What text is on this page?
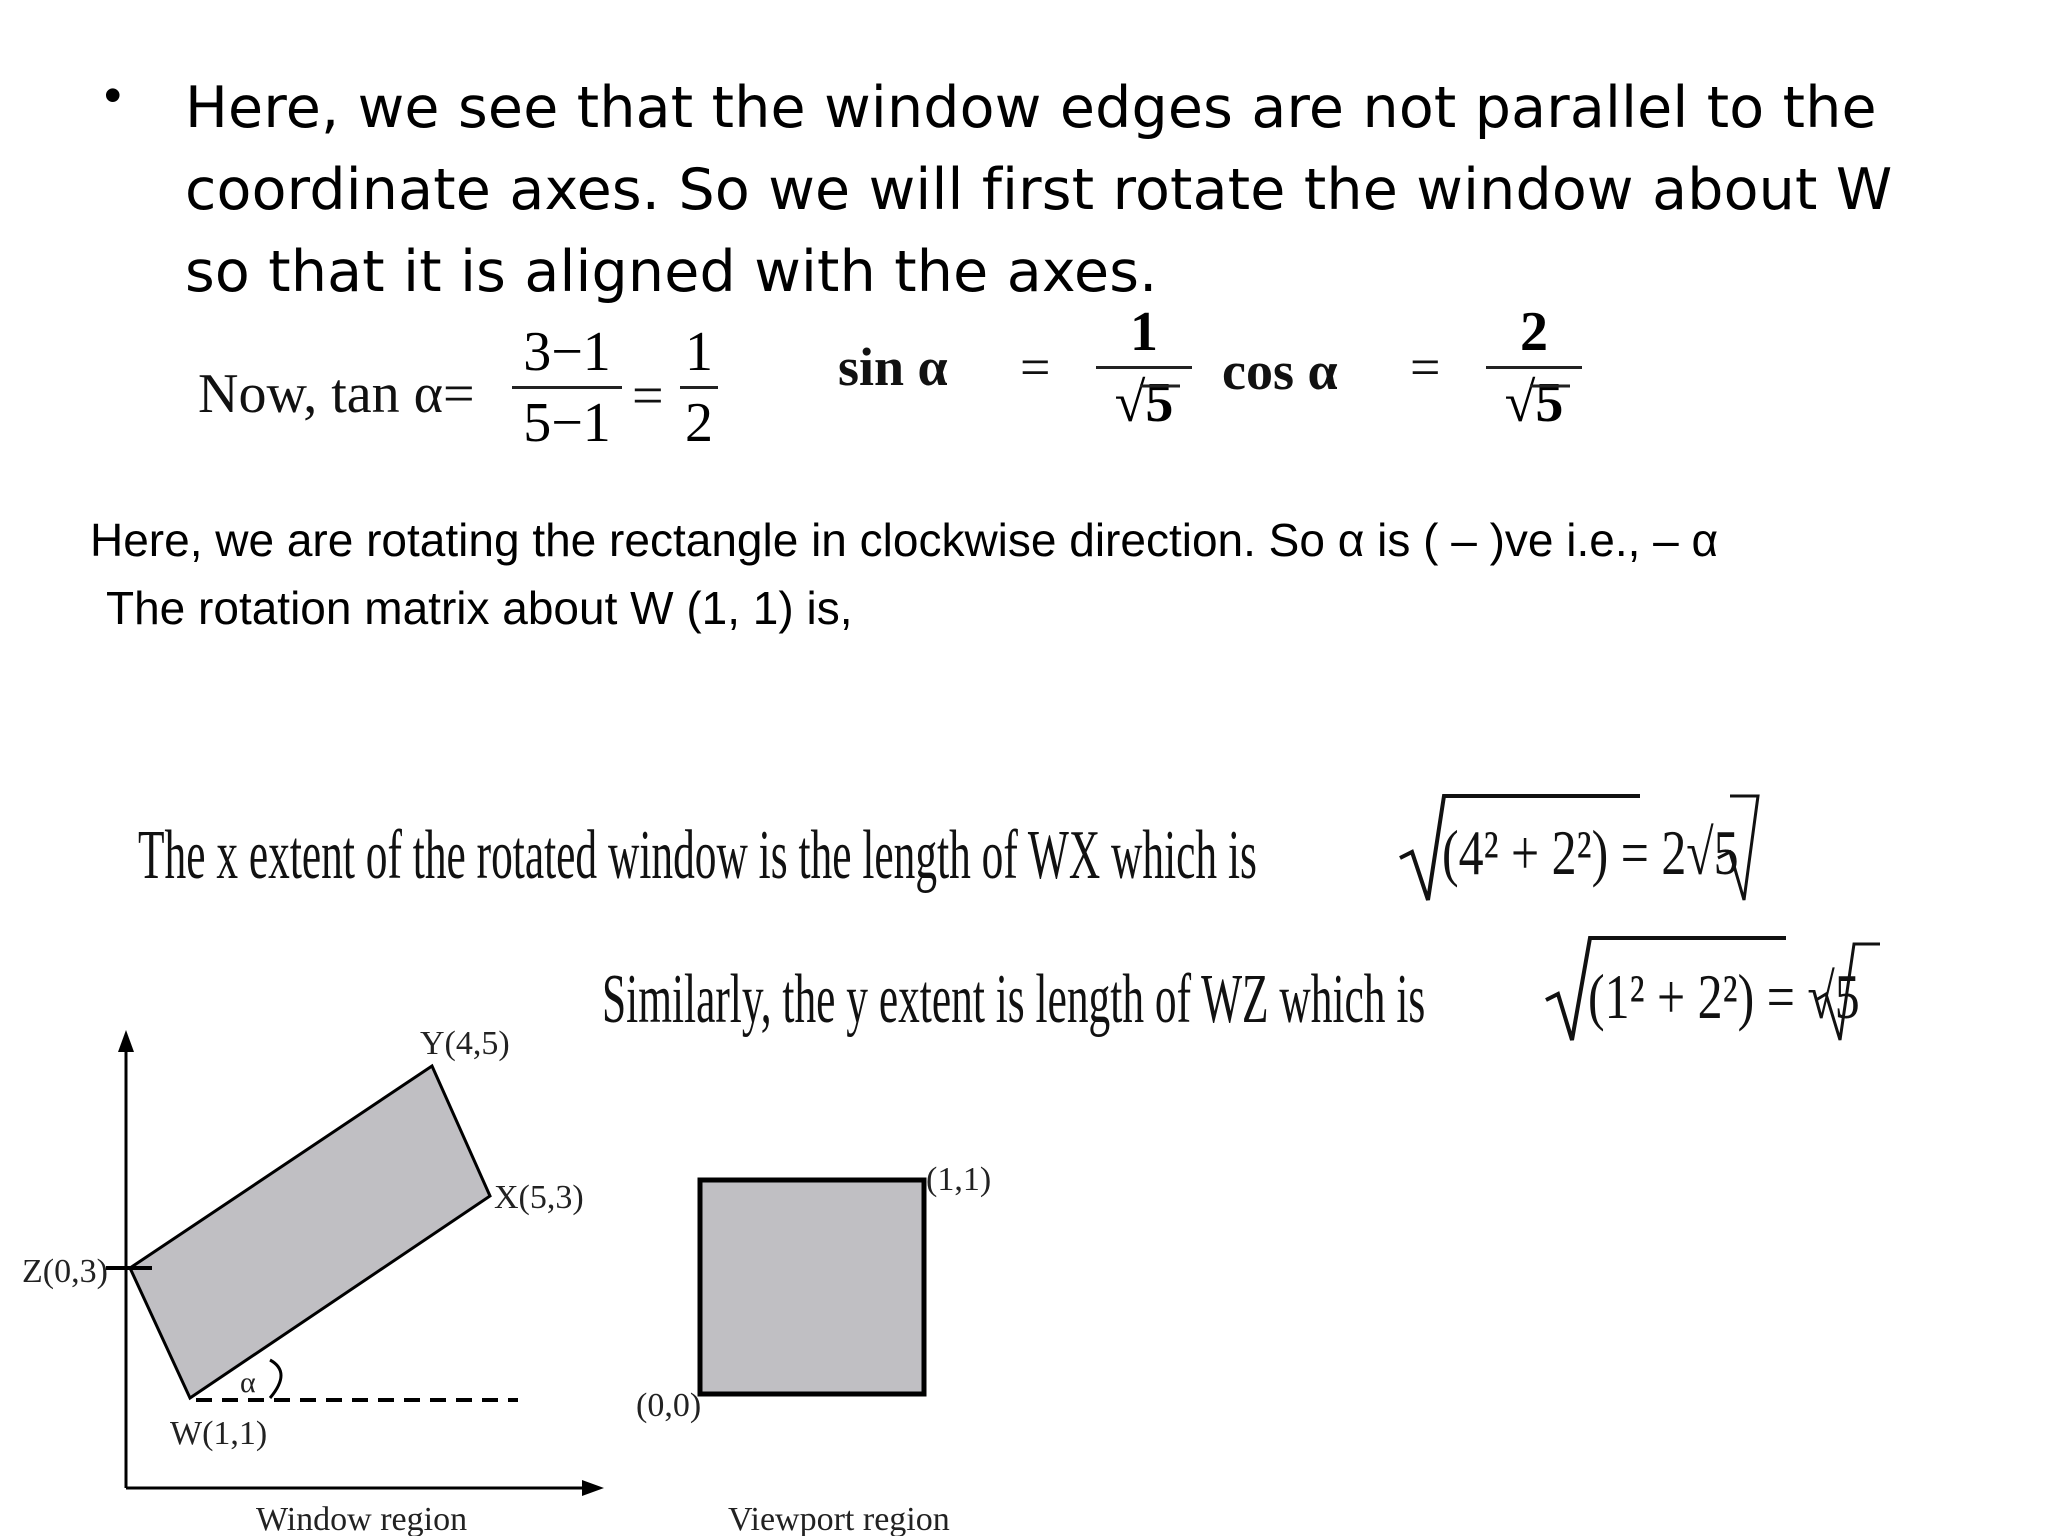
• Here, we see that the window edges are not parallel to the coordinate axes. So we will first rotate the window about W so that it is aligned with the axes.

Now, tan α=
3−1
5−1 =
1
2
sin α =
1
√5
cos α =
2
√5
Here, we are rotating the rectangle in clockwise direction. So α is ( – )ve i.e., – α
The rotation matrix about W (1, 1) is,
The x extent of the rotated window is the length of WX which is	(4² + 2²) = 2√5
Similarly, the y extent is length of WZ which is	(1² + 2²) = √5
Y(4,5)
X(5,3)
Z(0,3)
W(1,1)
α
Window region
(1,1)
(0,0)
Viewport region
